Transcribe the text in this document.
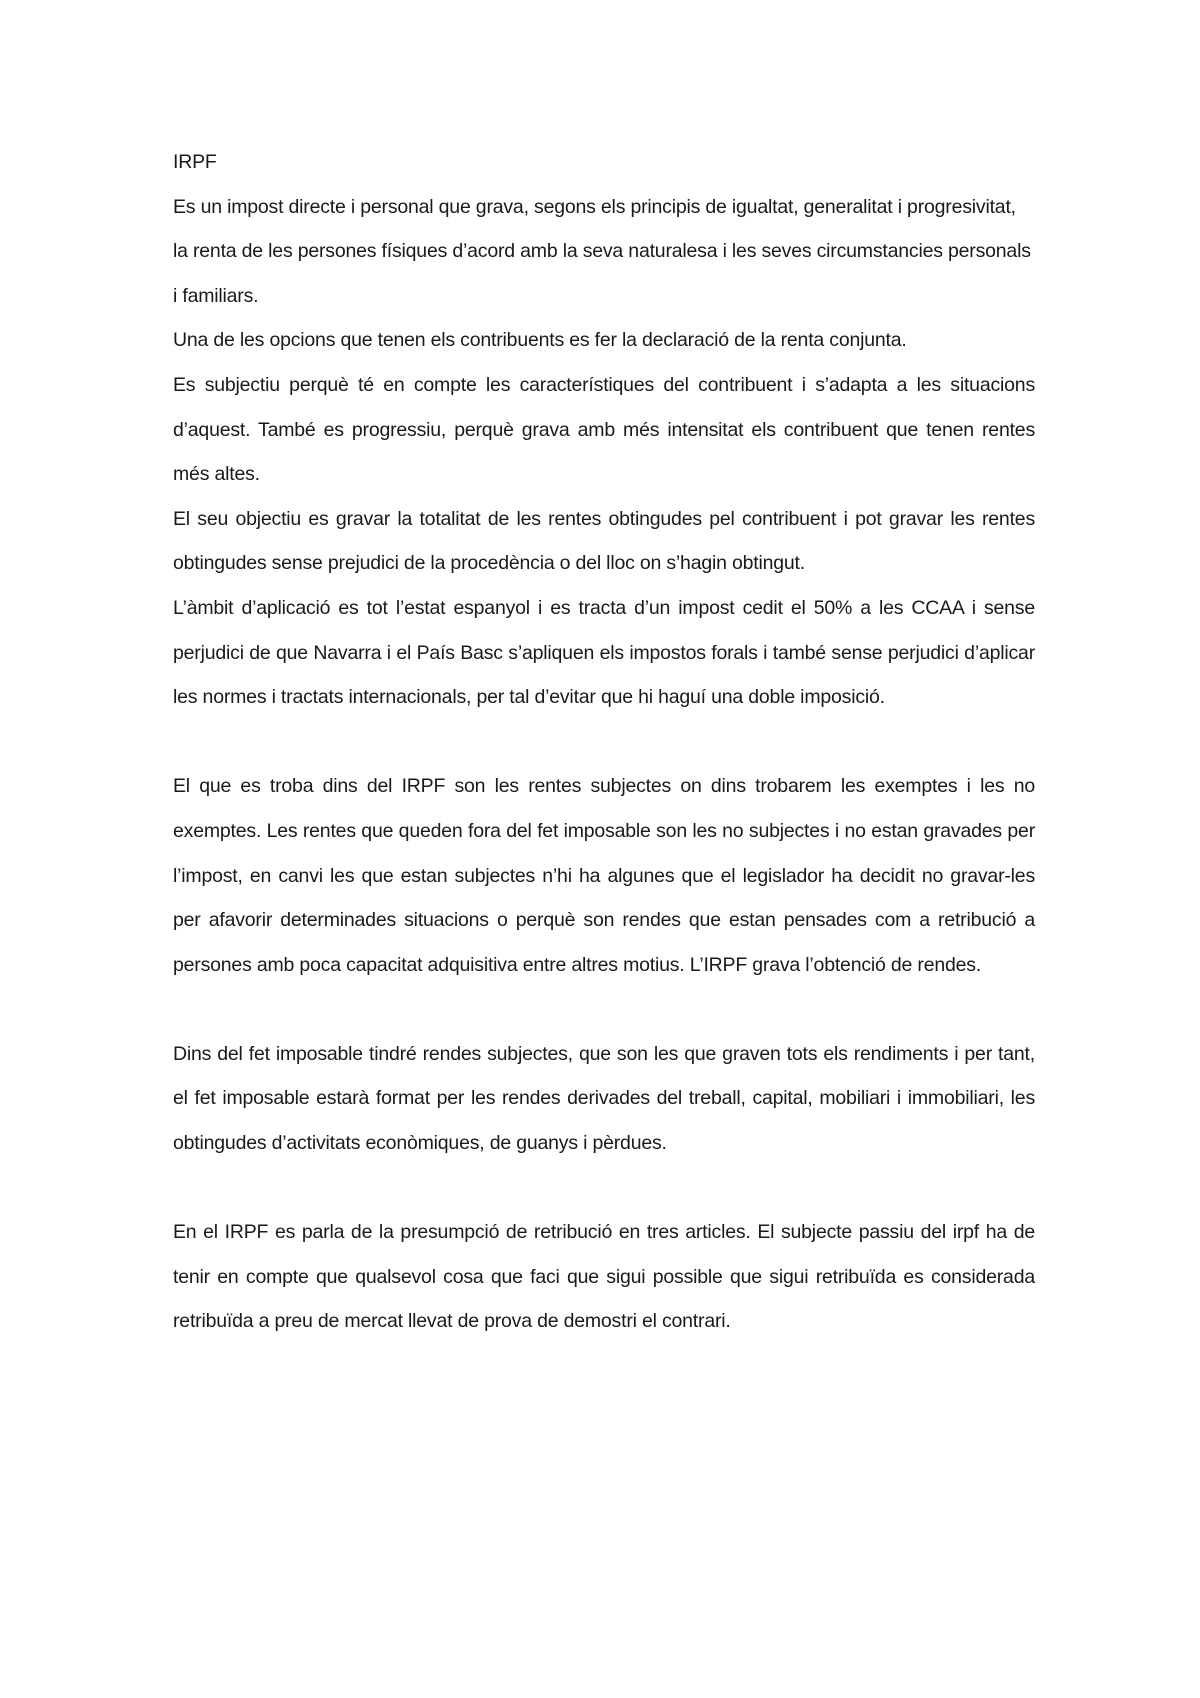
IRPF

Es un impost directe i personal que grava, segons els principis de igualtat, generalitat i progresivitat, la renta de les persones físiques d’acord amb la seva naturalesa i les seves circumstancies personals i familiars.

Una de les opcions que tenen els contribuents es fer la declaració de la renta conjunta.

Es subjectiu perquè té en compte les característiques del contribuent i s’adapta a les situacions d’aquest. També es progressiu, perquè grava amb més intensitat els contribuent que tenen rentes més altes.

El seu objectiu es gravar la totalitat de les rentes obtingudes pel contribuent i pot gravar les rentes obtingudes sense prejudici de la procedència o del lloc on s’hagin obtingut.

L’àmbit d’aplicació es tot l’estat espanyol i es tracta d’un impost cedit el 50% a les CCAA i sense perjudici de que Navarra i el País Basc s’apliquen els impostos forals i també sense perjudici d’aplicar les normes i tractats internacionals, per tal d’evitar que hi haguí una doble imposició.

El que es troba dins del IRPF son les rentes subjectes on dins trobarem les exemptes i les no exemptes. Les rentes que queden fora del fet imposable son les no subjectes i no estan gravades per l’impost, en canvi les que estan subjectes n’hi ha algunes que el legislador ha decidit no gravar-les per afavorir determinades situacions o perquè son rendes que estan pensades com a retribució a persones amb poca capacitat adquisitiva entre altres motius. L’IRPF grava l’obtenció de rendes.

Dins del fet imposable tindré rendes subjectes, que son les que graven tots els rendiments i per tant, el fet imposable estarà format per les rendes derivades del treball, capital, mobiliari i immobiliari, les obtingudes d’activitats econòmiques, de guanys i pèrdues.

En el IRPF es parla de la presumpció de retribució en tres articles. El subjecte passiu del irpf ha de tenir en compte que qualsevol cosa que faci que sigui possible que sigui retribuïda es considerada retribuïda a preu de mercat llevat de prova de demostri el contrari.
